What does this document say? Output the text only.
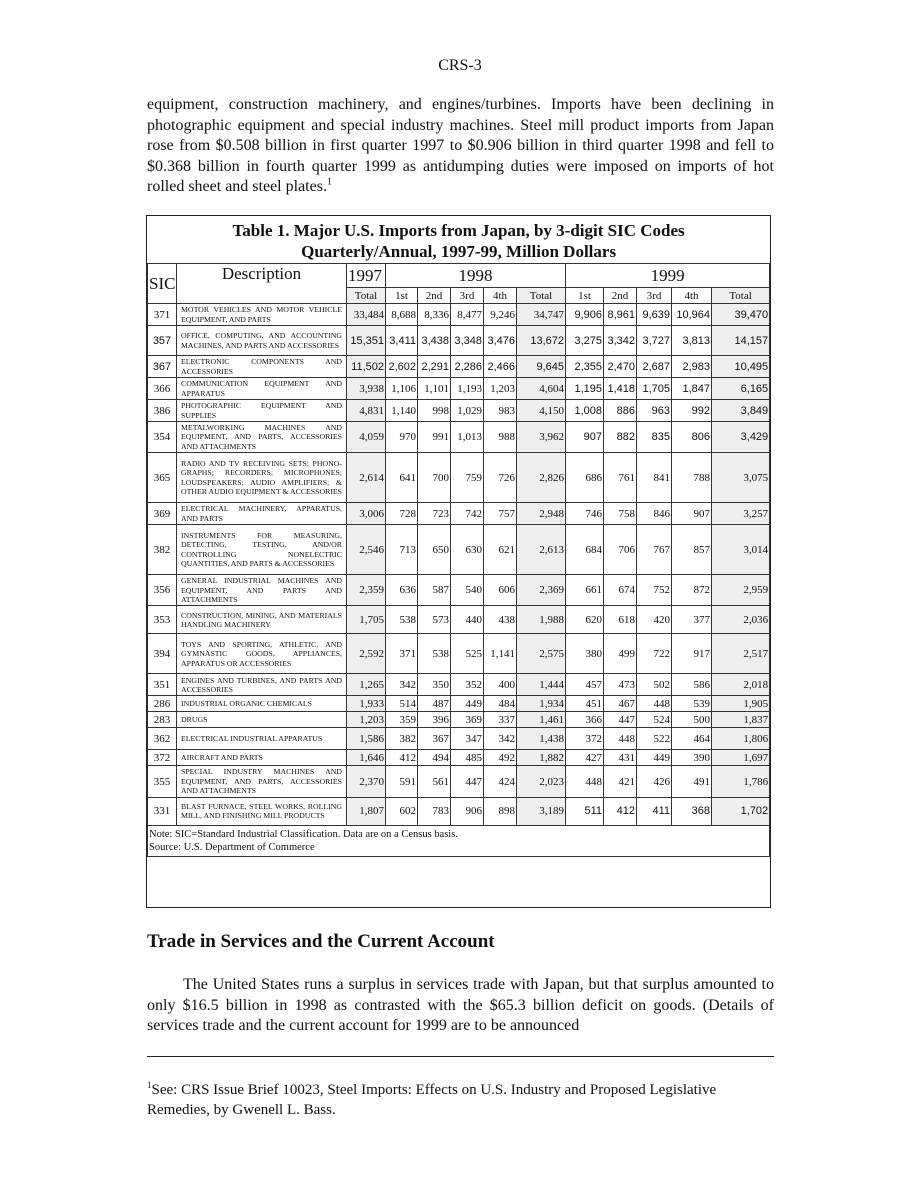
CRS-3
equipment, construction machinery, and engines/turbines. Imports have been declining in photographic equipment and special industry machines. Steel mill product imports from Japan rose from $0.508 billion in first quarter 1997 to $0.906 billion in third quarter 1998 and fell to $0.368 billion in fourth quarter 1999 as antidumping duties were imposed on imports of hot rolled sheet and steel plates.$^1$
Table 1. Major U.S. Imports from Japan, by 3-digit SIC Codes
Quarterly/Annual, 1997-99, Million Dollars												

SIC	Description	1997	1998					1999				
		Total	1st	2nd	3rd	4th	Total	1st	2nd	3rd	4th	Total
371	MOTOR VEHICLES AND MOTOR VEHICLE EQUIPMENT, AND PARTS	33,484	8,688	8,336	8,477	9,246	34,747	9,906	8,961	9,639	10,964	39,470
357	OFFICE, COMPUTING, AND ACCOUNTING MACHINES, AND PARTS AND ACCESSORIES	15,351	3,411	3,438	3,348	3,476	13,672	3,275	3,342	3,727	3,813	14,157
367	ELECTRONIC COMPONENTS AND ACCESSORIES	11,502	2,602	2,291	2,286	2,466	9,645	2,355	2,470	2,687	2,983	10,495
366	COMMUNICATION EQUIPMENT AND APPARATUS	3,938	1,106	1,101	1,193	1,203	4,604	1,195	1,418	1,705	1,847	6,165
386	PHOTOGRAPHIC EQUIPMENT AND SUPPLIES	4,831	1,140	998	1,029	983	4,150	1,008	886	963	992	3,849
354	METALWORKING MACHINES AND EQUIPMENT, AND PARTS, ACCESSORIES AND ATTACHMENTS	4,059	970	991	1,013	988	3,962	907	882	835	806	3,429
365	RADIO AND TV RECEIVING SETS; PHONO-GRAPHS; RECORDERS; MICROPHONES; LOUDSPEAKERS; AUDIO AMPLIFIERS; & OTHER AUDIO EQUIPMENT & ACCESSORIES	2,614	641	700	759	726	2,826	686	761	841	788	3,075
369	ELECTRICAL MACHINERY, APPARATUS, AND PARTS	3,006	728	723	742	757	2,948	746	758	846	907	3,257
382	INSTRUMENTS FOR MEASURING, DETECTING, TESTING, AND/OR CONTROLLING NONELECTRIC QUANTITIES, AND PARTS & ACCESSORIES	2,546	713	650	630	621	2,613	684	706	767	857	3,014
356	GENERAL INDUSTRIAL MACHINES AND EQUIPMENT, AND PARTS AND ATTACHMENTS	2,359	636	587	540	606	2,369	661	674	752	872	2,959
353	CONSTRUCTION, MINING, AND MATERIALS HANDLING MACHINERY	1,705	538	573	440	438	1,988	620	618	420	377	2,036
394	TOYS AND SPORTING, ATHLETIC, AND GYMNASTIC GOODS, APPLIANCES, APPARATUS OR ACCESSORIES	2,592	371	538	525	1,141	2,575	380	499	722	917	2,517
351	ENGINES AND TURBINES, AND PARTS AND ACCESSORIES	1,265	342	350	352	400	1,444	457	473	502	586	2,018
286	INDUSTRIAL ORGANIC CHEMICALS	1,933	514	487	449	484	1,934	451	467	448	539	1,905
283	DRUGS	1,203	359	396	369	337	1,461	366	447	524	500	1,837
362	ELECTRICAL INDUSTRIAL APPARATUS	1,586	382	367	347	342	1,438	372	448	522	464	1,806
372	AIRCRAFT AND PARTS	1,646	412	494	485	492	1,882	427	431	449	390	1,697
355	SPECIAL INDUSTRY MACHINES AND EQUIPMENT, AND PARTS, ACCESSORIES AND ATTACHMENTS	2,370	591	561	447	424	2,023	448	421	426	491	1,786
331	BLAST FURNACE, STEEL WORKS, ROLLING MILL, AND FINISHING MILL PRODUCTS	1,807	602	783	906	898	3,189	511	412	411	368	1,702

Note: SIC=Standard Industrial Classification. Data are on a Census basis.
Source: U.S. Department of Commerce												
Trade in Services and the Current Account
The United States runs a surplus in services trade with Japan, but that surplus amounted to only $16.5 billion in 1998 as contrasted with the $65.3 billion deficit on goods. (Details of services trade and the current account for 1999 are to be announced
$^1$See: CRS Issue Brief 10023, Steel Imports: Effects on U.S. Industry and Proposed Legislative Remedies, by Gwenell L. Bass.
